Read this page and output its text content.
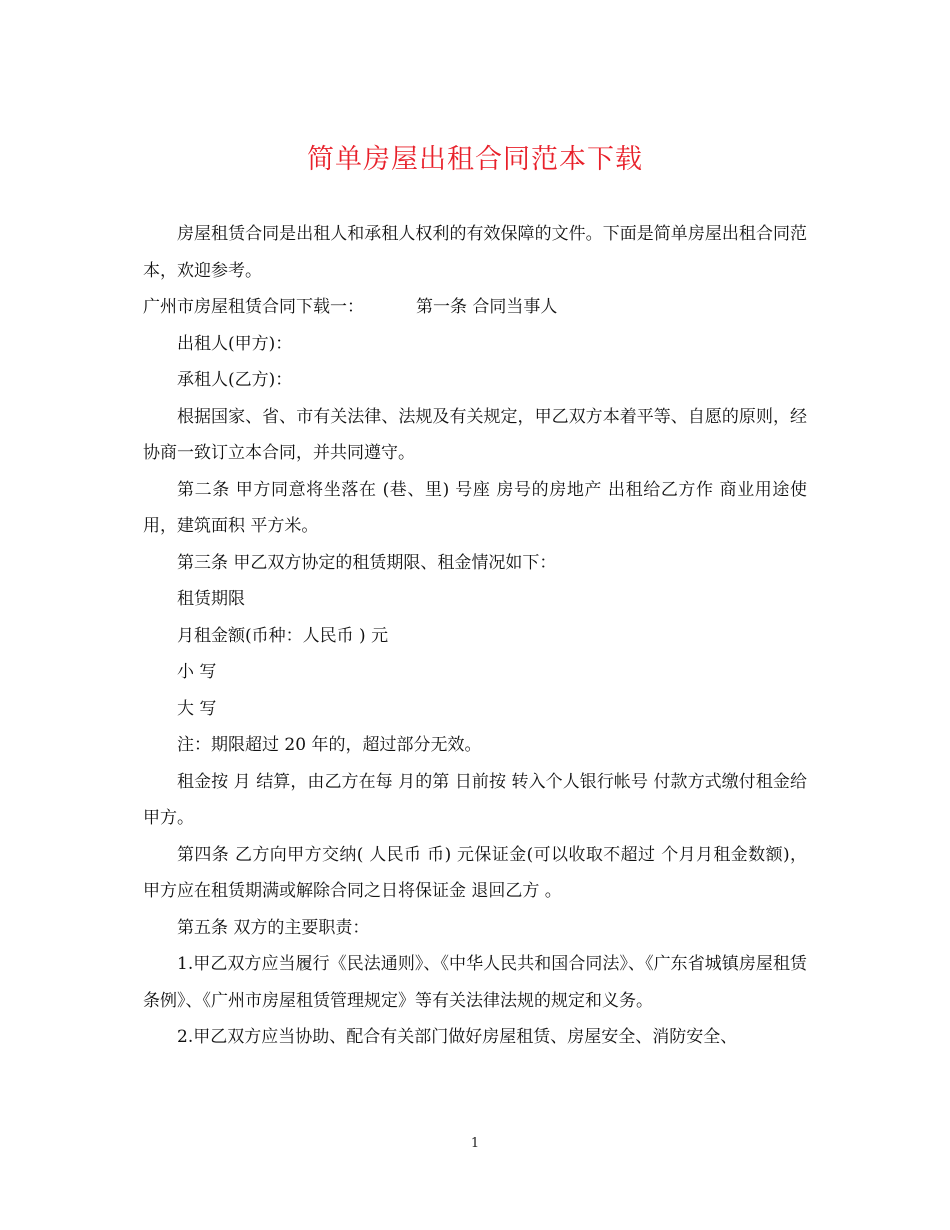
简单房屋出租合同范本下载

房屋租赁合同是出租人和承租人权利的有效保障的文件。下面是简单房屋出租合同范本，欢迎参考。

广州市房屋租赁合同下载一：	第一条 合同当事人

出租人(甲方)：

承租人(乙方)：

根据国家、省、市有关法律、法规及有关规定，甲乙双方本着平等、自愿的原则，经协商一致订立本合同，并共同遵守。

第二条 甲方同意将坐落在 (巷、里) 号座 房号的房地产 出租给乙方作 商业用途使用，建筑面积 平方米。

第三条 甲乙双方协定的租赁期限、租金情况如下：

租赁期限

月租金额(币种：人民币 ) 元

小 写

大 写

注：期限超过 20 年的，超过部分无效。

租金按 月 结算，由乙方在每 月的第 日前按 转入个人银行帐号 付款方式缴付租金给甲方。

第四条 乙方向甲方交纳( 人民币 币) 元保证金(可以收取不超过 个月月租金数额)，甲方应在租赁期满或解除合同之日将保证金 退回乙方 。

第五条 双方的主要职责：

1.甲乙双方应当履行《民法通则》、《中华人民共和国合同法》、《广东省城镇房屋租赁条例》、《广州市房屋租赁管理规定》等有关法律法规的规定和义务。

2.甲乙双方应当协助、配合有关部门做好房屋租赁、房屋安全、消防安全、

1
